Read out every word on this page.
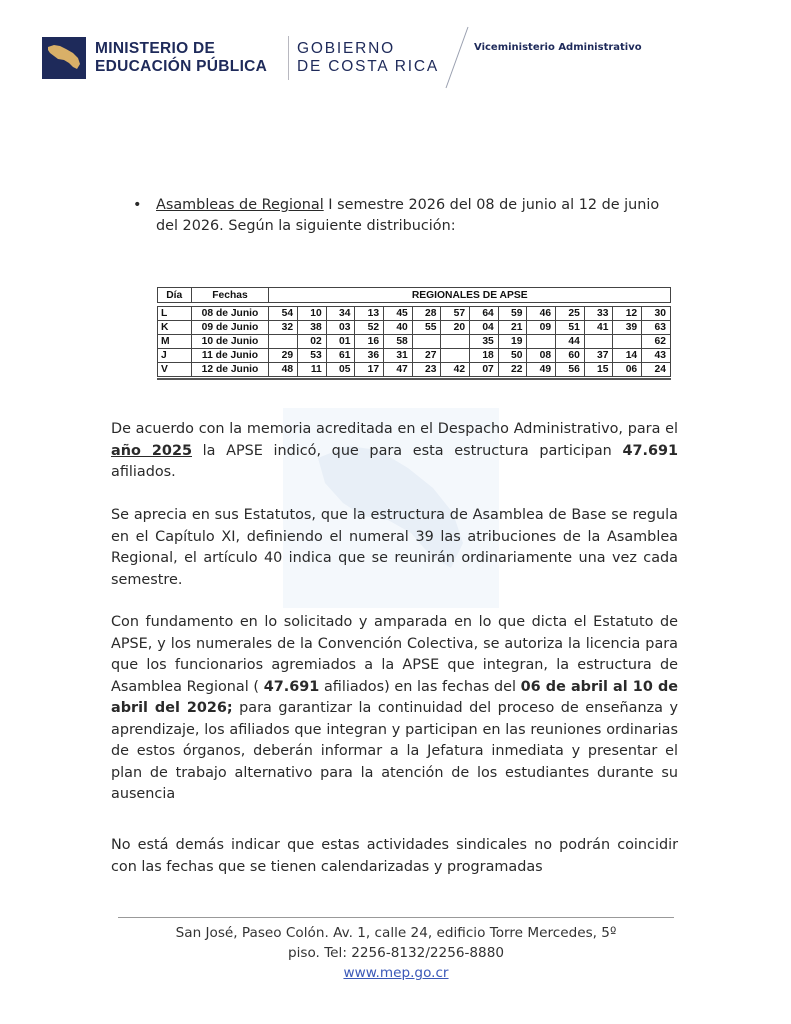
MINISTERIO DE
EDUCACIÓN PÚBLICA
GOBIERNO
DE COSTA RICA
Viceministerio Administrativo
• Asambleas de Regional I semestre 2026 del 08 de junio al 12 de junio del 2026. Según la siguiente distribución:
Día	Fechas	REGIONALES DE APSE													

L	08 de Junio	54	10	34	13	45	28	57	64	59	46	25	33	12	30
K	09 de Junio	32	38	03	52	40	55	20	04	21	09	51	41	39	63
M	10 de Junio		02	01	16	58			35	19		44			62
J	11 de Junio	29	53	61	36	31	27		18	50	08	60	37	14	43
V	12 de Junio	48	11	05	17	47	23	42	07	22	49	56	15	06	24
De acuerdo con la memoria acreditada en el Despacho Administrativo, para el año 2025 la APSE indicó, que para esta estructura participan 47.691 afiliados.
Se aprecia en sus Estatutos, que la estructura de Asamblea de Base se regula en el Capítulo XI, definiendo el numeral 39 las atribuciones de la Asamblea Regional, el artículo 40 indica que se reunirán ordinariamente una vez cada semestre.
Con fundamento en lo solicitado y amparada en lo que dicta el Estatuto de APSE, y los numerales de la Convención Colectiva, se autoriza la licencia para que los funcionarios agremiados a la APSE que integran, la estructura de Asamblea Regional ( 47.691 afiliados) en las fechas del 06 de abril al 10 de abril del 2026; para garantizar la continuidad del proceso de enseñanza y aprendizaje, los afiliados que integran y participan en las reuniones ordinarias de estos órganos, deberán informar a la Jefatura inmediata y presentar el plan de trabajo alternativo para la atención de los estudiantes durante su ausencia
No está demás indicar que estas actividades sindicales no podrán coincidir con las fechas que se tienen calendarizadas y programadas
San José, Paseo Colón. Av. 1, calle 24, edificio Torre Mercedes, 5º
piso. Tel: 2256-8132/2256-8880
www.mep.go.cr
